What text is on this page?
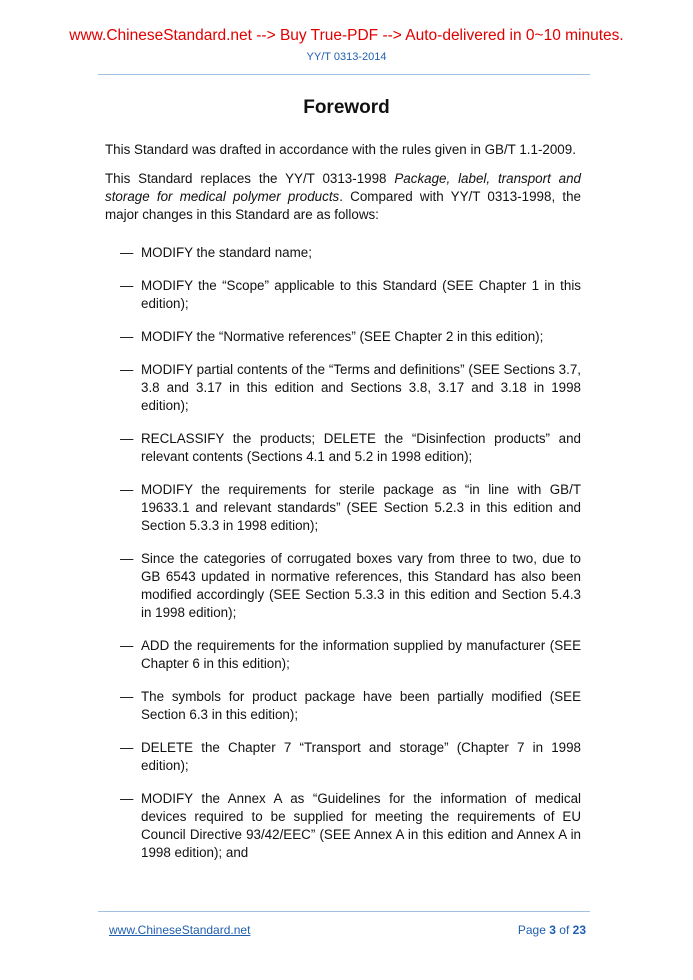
www.ChineseStandard.net --> Buy True-PDF --> Auto-delivered in 0~10 minutes.
YY/T 0313-2014
Foreword

This Standard was drafted in accordance with the rules given in GB/T 1.1-2009.

This Standard replaces the YY/T 0313-1998 Package, label, transport and storage for medical polymer products. Compared with YY/T 0313-1998, the major changes in this Standard are as follows:

— MODIFY the standard name;
— MODIFY the “Scope” applicable to this Standard (SEE Chapter 1 in this edition);
— MODIFY the “Normative references” (SEE Chapter 2 in this edition);
— MODIFY partial contents of the “Terms and definitions” (SEE Sections 3.7, 3.8 and 3.17 in this edition and Sections 3.8, 3.17 and 3.18 in 1998 edition);
— RECLASSIFY the products; DELETE the “Disinfection products” and relevant contents (Sections 4.1 and 5.2 in 1998 edition);
— MODIFY the requirements for sterile package as “in line with GB/T 19633.1 and relevant standards” (SEE Section 5.2.3 in this edition and Section 5.3.3 in 1998 edition);
— Since the categories of corrugated boxes vary from three to two, due to GB 6543 updated in normative references, this Standard has also been modified accordingly (SEE Section 5.3.3 in this edition and Section 5.4.3 in 1998 edition);
— ADD the requirements for the information supplied by manufacturer (SEE Chapter 6 in this edition);
— The symbols for product package have been partially modified (SEE Section 6.3 in this edition);
— DELETE the Chapter 7 “Transport and storage” (Chapter 7 in 1998 edition);
— MODIFY the Annex A as “Guidelines for the information of medical devices required to be supplied for meeting the requirements of EU Council Directive 93/42/EEC” (SEE Annex A in this edition and Annex A in 1998 edition); and
www.ChineseStandard.net	Page 3 of 23
